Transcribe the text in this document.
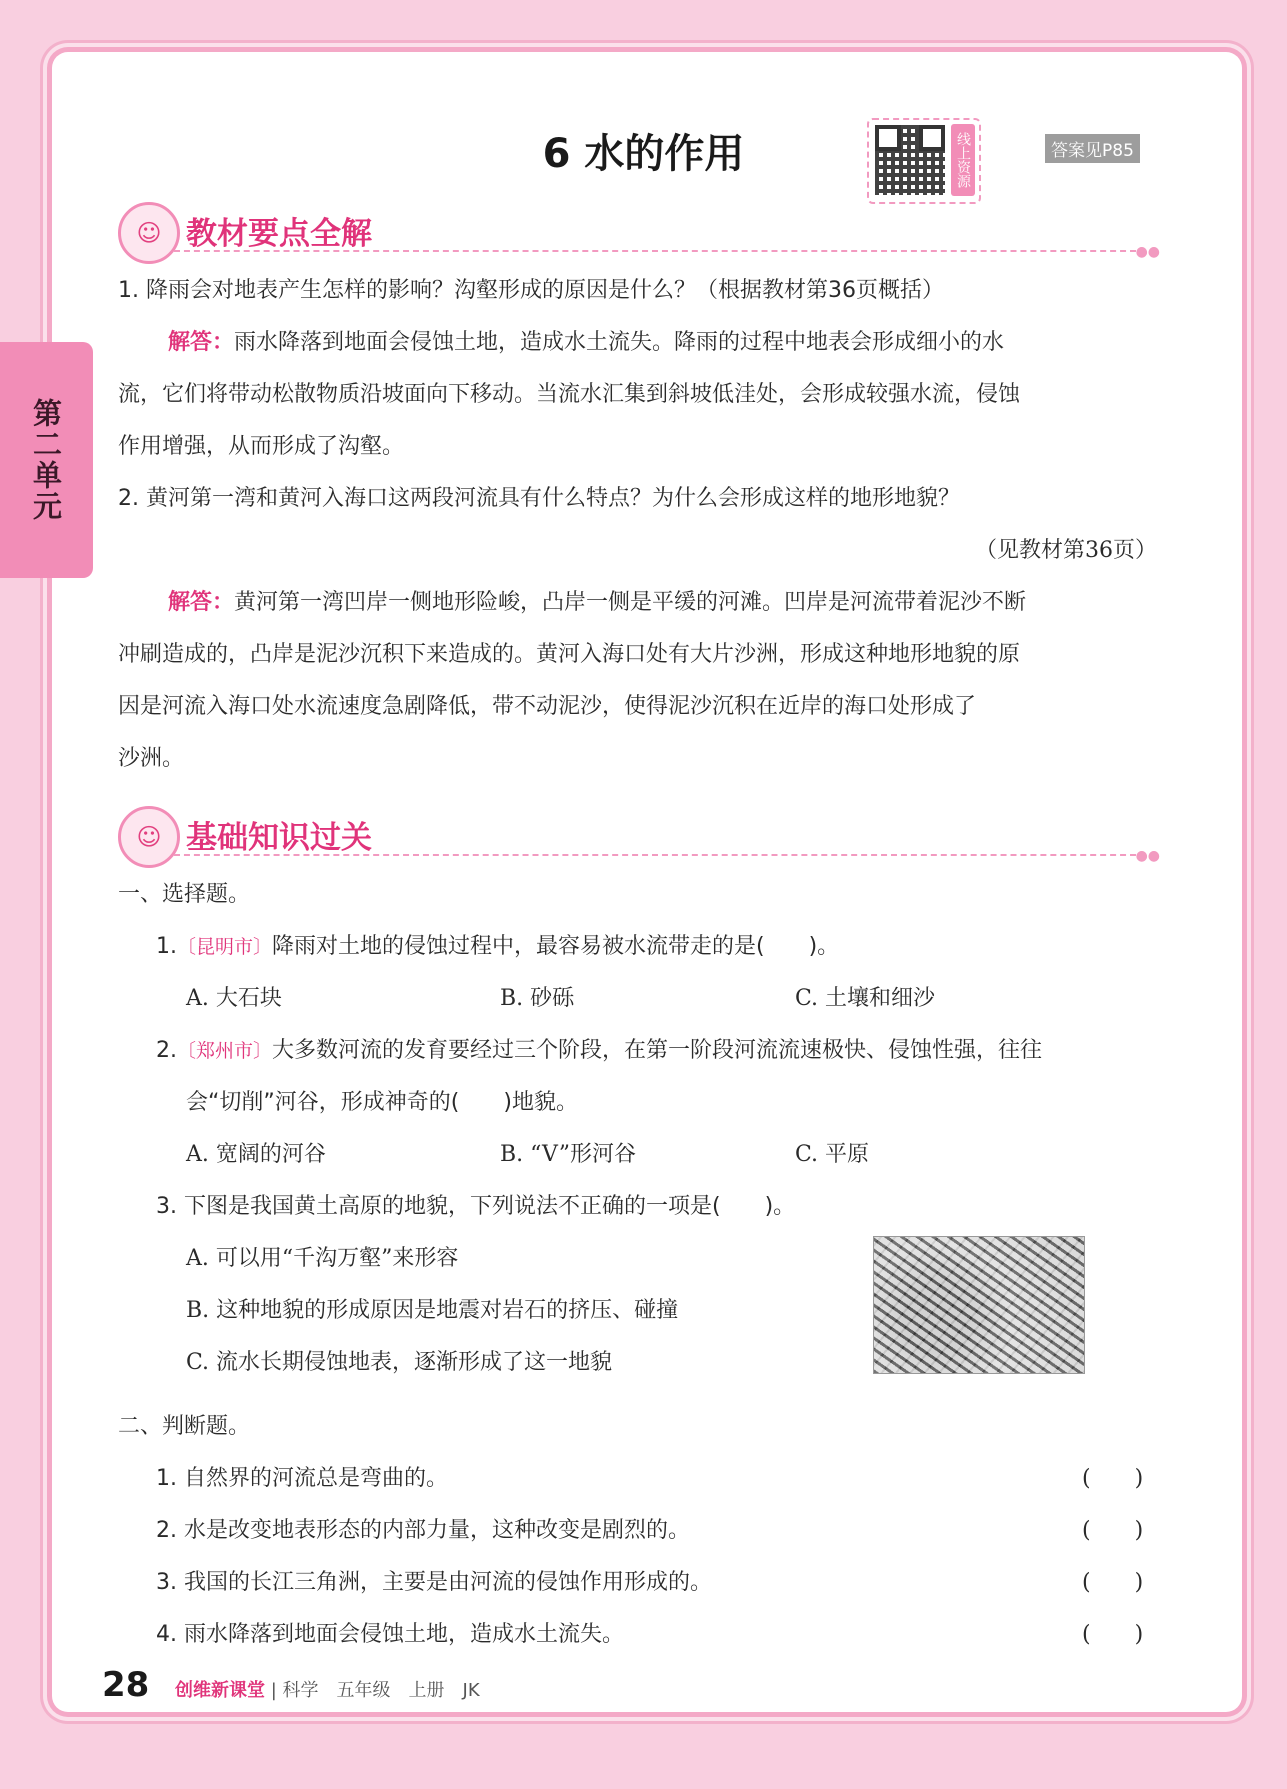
第二单元
6 水的作用	线上资源	答案见P85
☺ 教材要点全解	●●
1. 降雨会对地表产生怎样的影响？沟壑形成的原因是什么？（根据教材第36页概括）
解答：雨水降落到地面会侵蚀土地，造成水土流失。降雨的过程中地表会形成细小的水
流，它们将带动松散物质沿坡面向下移动。当流水汇集到斜坡低洼处，会形成较强水流，侵蚀
作用增强，从而形成了沟壑。
2. 黄河第一湾和黄河入海口这两段河流具有什么特点？为什么会形成这样的地形地貌？
（见教材第36页）
解答：黄河第一湾凹岸一侧地形险峻，凸岸一侧是平缓的河滩。凹岸是河流带着泥沙不断
冲刷造成的，凸岸是泥沙沉积下来造成的。黄河入海口处有大片沙洲，形成这种地形地貌的原
因是河流入海口处水流速度急剧降低，带不动泥沙，使得泥沙沉积在近岸的海口处形成了
沙洲。
☺ 基础知识过关	●●
一、选择题。
1.〔昆明市〕降雨对土地的侵蚀过程中，最容易被水流带走的是(　　)。
A. 大石块	B. 砂砾	C. 土壤和细沙
2.〔郑州市〕大多数河流的发育要经过三个阶段，在第一阶段河流流速极快、侵蚀性强，往往
会“切削”河谷，形成神奇的(　　)地貌。
A. 宽阔的河谷	B. “V”形河谷	C. 平原
3. 下图是我国黄土高原的地貌，下列说法不正确的一项是(　　)。
A. 可以用“千沟万壑”来形容
B. 这种地貌的形成原因是地震对岩石的挤压、碰撞
C. 流水长期侵蚀地表，逐渐形成了这一地貌
二、判断题。
1. 自然界的河流总是弯曲的。	(　　)
2. 水是改变地表形态的内部力量，这种改变是剧烈的。	(　　)
3. 我国的长江三角洲，主要是由河流的侵蚀作用形成的。	(　　)
4. 雨水降落到地面会侵蚀土地，造成水土流失。	(　　)
28 创维新课堂 | 科学　五年级　上册　JK
